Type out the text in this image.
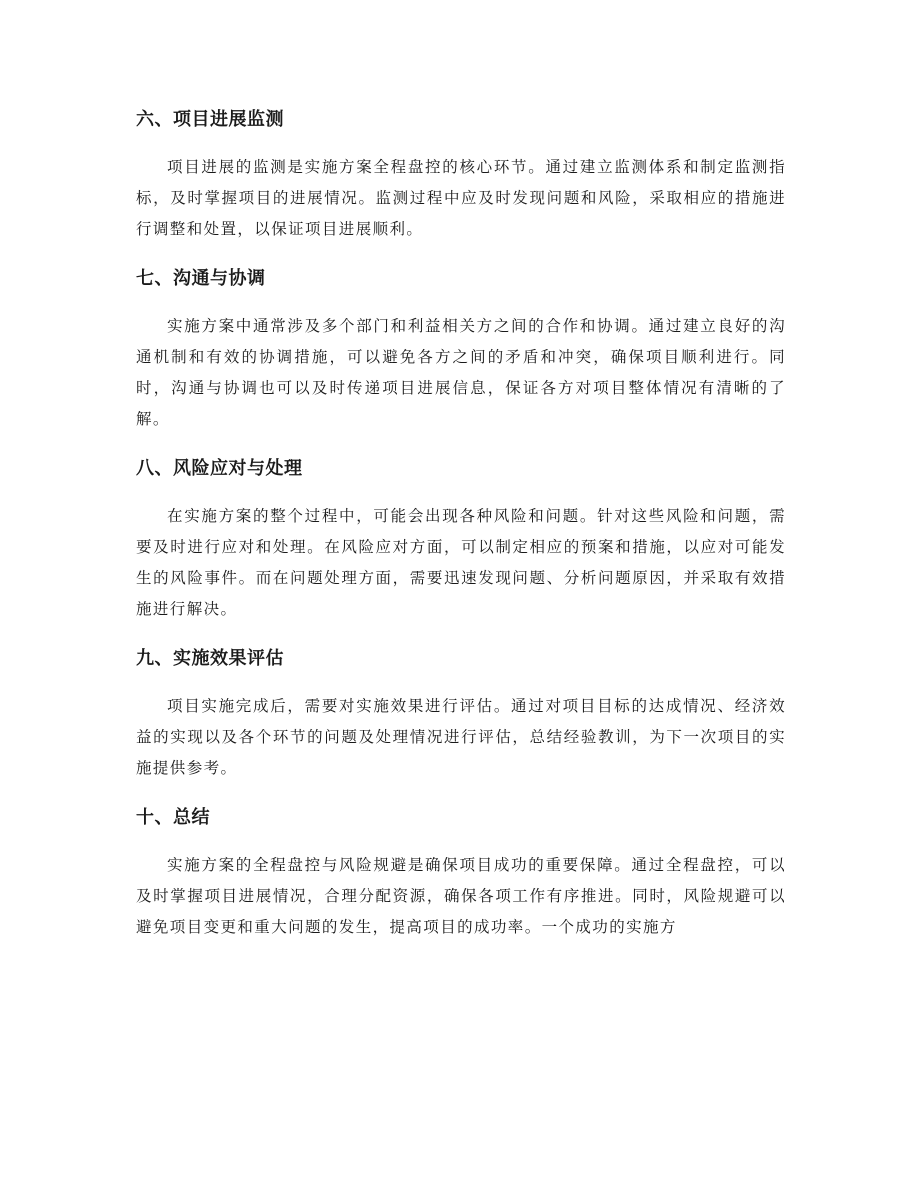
六、项目进展监测

项目进展的监测是实施方案全程盘控的核心环节。通过建立监测体系和制定监测指标，及时掌握项目的进展情况。监测过程中应及时发现问题和风险，采取相应的措施进行调整和处置，以保证项目进展顺利。

七、沟通与协调

实施方案中通常涉及多个部门和利益相关方之间的合作和协调。通过建立良好的沟通机制和有效的协调措施，可以避免各方之间的矛盾和冲突，确保项目顺利进行。同时，沟通与协调也可以及时传递项目进展信息，保证各方对项目整体情况有清晰的了解。

八、风险应对与处理

在实施方案的整个过程中，可能会出现各种风险和问题。针对这些风险和问题，需要及时进行应对和处理。在风险应对方面，可以制定相应的预案和措施，以应对可能发生的风险事件。而在问题处理方面，需要迅速发现问题、分析问题原因，并采取有效措施进行解决。

九、实施效果评估

项目实施完成后，需要对实施效果进行评估。通过对项目目标的达成情况、经济效益的实现以及各个环节的问题及处理情况进行评估，总结经验教训，为下一次项目的实施提供参考。

十、总结

实施方案的全程盘控与风险规避是确保项目成功的重要保障。通过全程盘控，可以及时掌握项目进展情况，合理分配资源，确保各项工作有序推进。同时，风险规避可以避免项目变更和重大问题的发生，提高项目的成功率。一个成功的实施方
